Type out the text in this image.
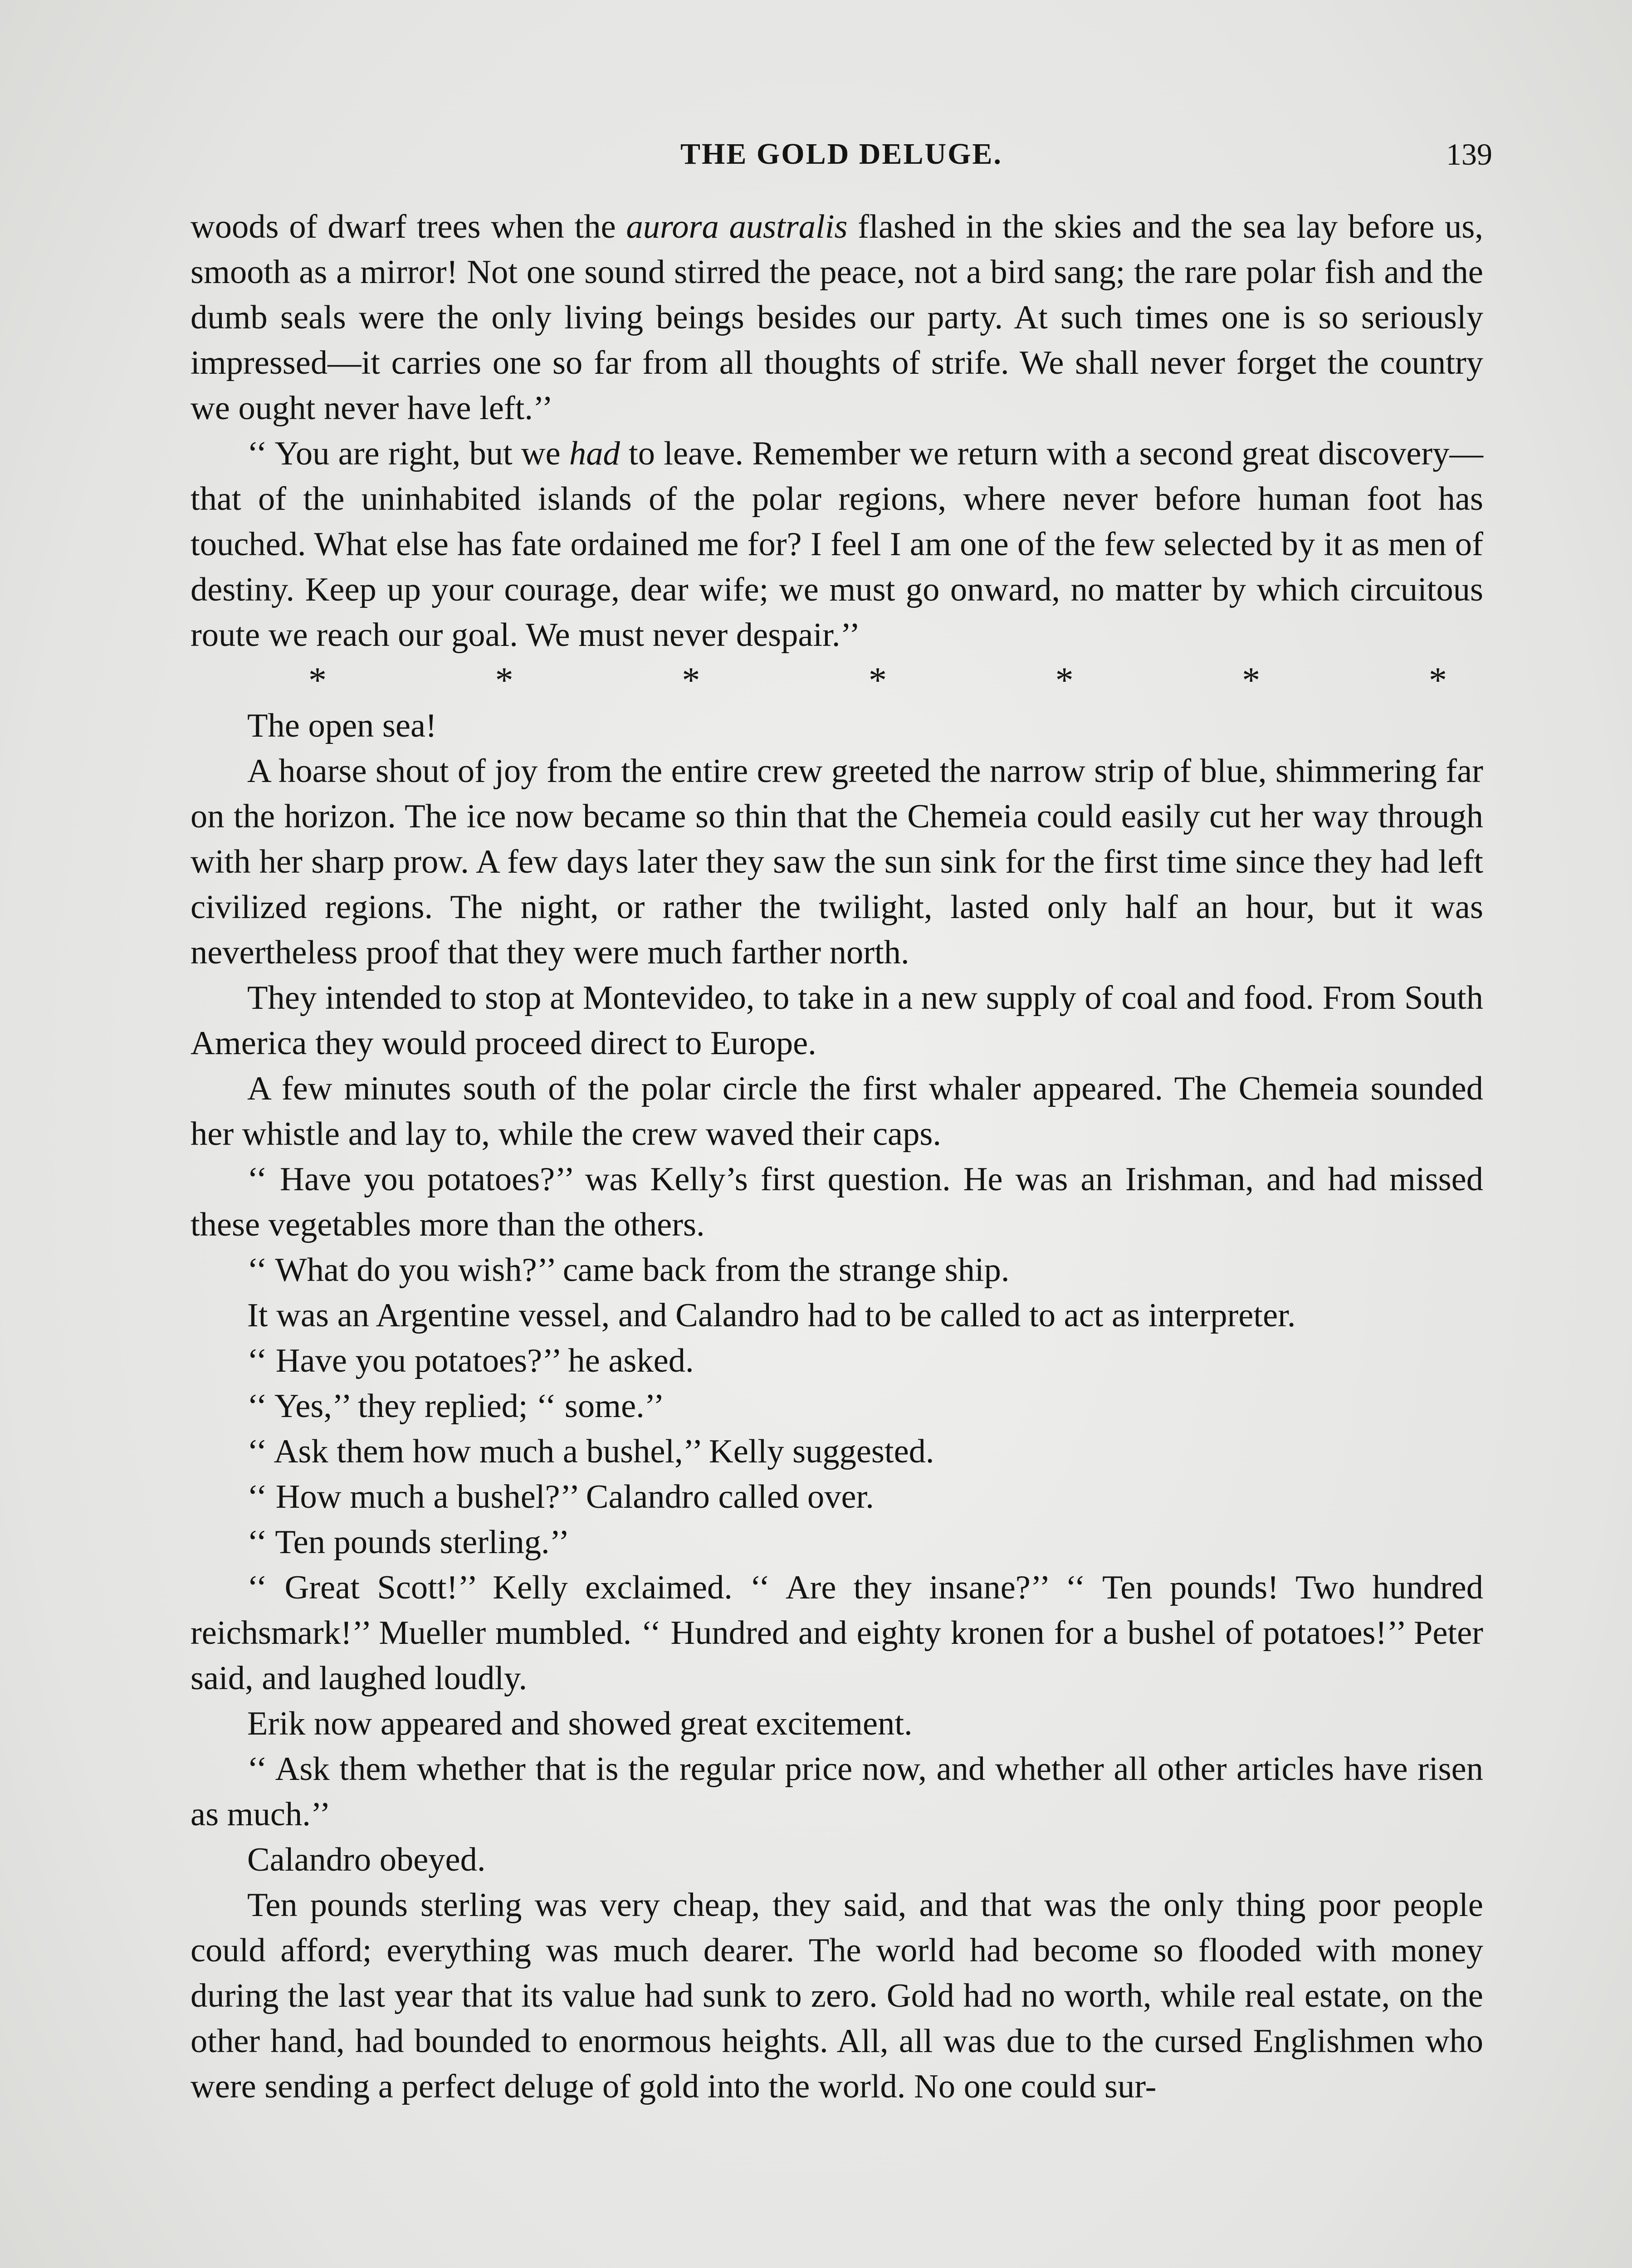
THE GOLD DELUGE.	139

woods of dwarf trees when the aurora australis flashed in the skies and the sea lay before us, smooth as a mirror! Not one sound stirred the peace, not a bird sang; the rare polar fish and the dumb seals were the only living beings besides our party. At such times one is so seriously impressed—it carries one so far from all thoughts of strife. We shall never forget the country we ought never have left.’’

‘‘ You are right, but we had to leave. Remember we return with a second great discovery—that of the uninhabited islands of the polar regions, where never before human foot has touched. What else has fate ordained me for? I feel I am one of the few selected by it as men of destiny. Keep up your courage, dear wife; we must go onward, no matter by which circuitous route we reach our goal. We must never despair.’’

*	*	*	*	*	*	*

The open sea!

A hoarse shout of joy from the entire crew greeted the narrow strip of blue, shimmering far on the horizon. The ice now became so thin that the Chemeia could easily cut her way through with her sharp prow. A few days later they saw the sun sink for the first time since they had left civilized regions. The night, or rather the twilight, lasted only half an hour, but it was nevertheless proof that they were much farther north.

They intended to stop at Montevideo, to take in a new supply of coal and food. From South America they would proceed direct to Europe.

A few minutes south of the polar circle the first whaler appeared. The Chemeia sounded her whistle and lay to, while the crew waved their caps.

‘‘ Have you potatoes?’’ was Kelly’s first question. He was an Irishman, and had missed these vegetables more than the others.

‘‘ What do you wish?’’ came back from the strange ship.

It was an Argentine vessel, and Calandro had to be called to act as interpreter.

‘‘ Have you potatoes?’’ he asked.

‘‘ Yes,’’ they replied; ‘‘ some.’’

‘‘ Ask them how much a bushel,’’ Kelly suggested.

‘‘ How much a bushel?’’ Calandro called over.

‘‘ Ten pounds sterling.’’

‘‘ Great Scott!’’ Kelly exclaimed. ‘‘ Are they insane?’’ ‘‘ Ten pounds! Two hundred reichsmark!’’ Mueller mumbled. ‘‘ Hundred and eighty kronen for a bushel of potatoes!’’ Peter said, and laughed loudly.

Erik now appeared and showed great excitement.

‘‘ Ask them whether that is the regular price now, and whether all other articles have risen as much.’’

Calandro obeyed.

Ten pounds sterling was very cheap, they said, and that was the only thing poor people could afford; everything was much dearer. The world had become so flooded with money during the last year that its value had sunk to zero. Gold had no worth, while real estate, on the other hand, had bounded to enormous heights. All, all was due to the cursed Englishmen who were sending a perfect deluge of gold into the world. No one could sur-
